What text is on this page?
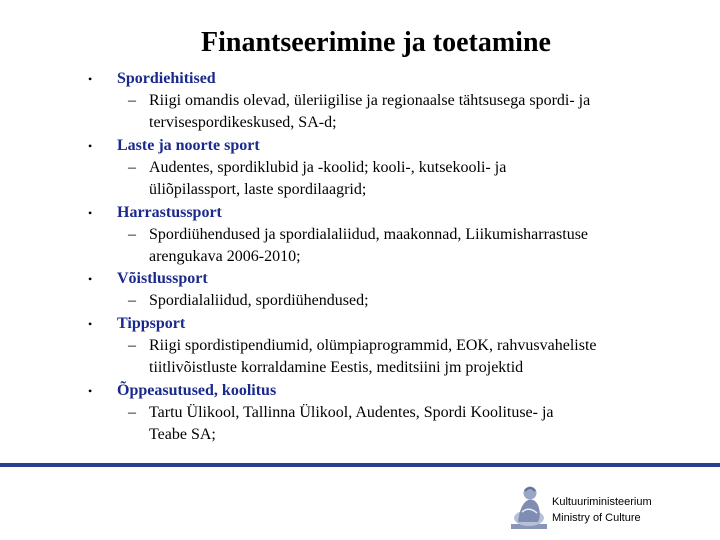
Finantseerimine ja toetamine
• Spordiehitised
– Riigi omandis olevad, üleriigilise ja regionaalse tähtsusega spordi- ja
tervisespordikeskused, SA-d;
• Laste ja noorte sport
– Audentes, spordiklubid ja -koolid; kooli-, kutsekooli- ja
üliõpilassport, laste spordilaagrid;
• Harrastussport
– Spordiühendused ja spordialaliidud, maakonnad, Liikumisharrastuse
arengukava 2006-2010;
• Võistlussport
– Spordialaliidud, spordiühendused;
• Tippsport
– Riigi spordistipendiumid, olümpiaprogrammid, EOK, rahvusvaheliste
tiitlivõistluste korraldamine Eestis, meditsiini jm projektid
• Õppeasutused, koolitus
– Tartu Ülikool, Tallinna Ülikool, Audentes, Spordi Koolituse- ja
Teabe SA;
Kultuuriministeerium
Ministry of Culture
